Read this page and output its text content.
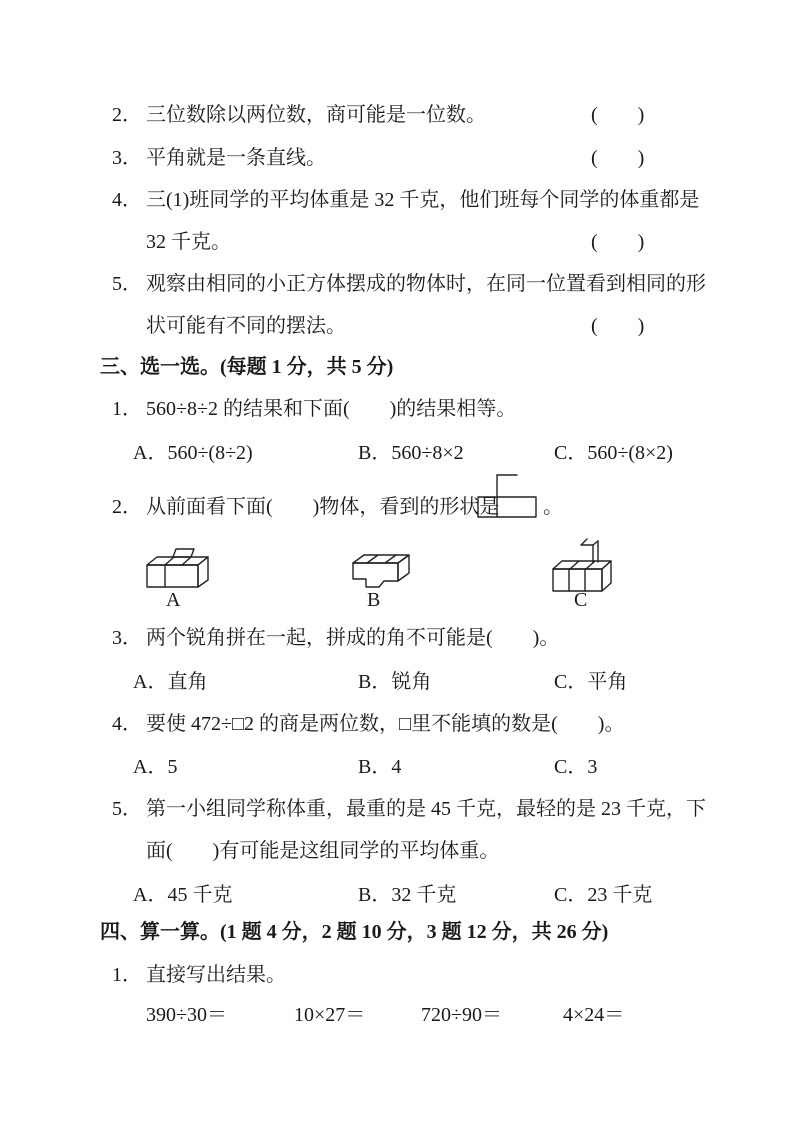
2． 三位数除以两位数，商可能是一位数。	(　　)
3． 平角就是一条直线。	(　　)
4． 三(1)班同学的平均体重是 32 千克，他们班每个同学的体重都是
32 千克。	(　　)
5． 观察由相同的小正方体摆成的物体时，在同一位置看到相同的形
状可能有不同的摆法。	(　　)
三、选一选。(每题 1 分，共 5 分)
1． 560÷8÷2 的结果和下面(　　)的结果相等。
A．560÷(8÷2)	B．560÷8×2	C．560÷(8×2)
2． 从前面看下面(　　)物体，看到的形状是 。
A	B	C
3． 两个锐角拼在一起，拼成的角不可能是(　　)。
A．直角	B．锐角	C．平角
4． 要使 472÷□2 的商是两位数，□里不能填的数是(　　)。
A．5	B．4	C．3
5． 第一小组同学称体重，最重的是 45 千克，最轻的是 23 千克，下
面(　　)有可能是这组同学的平均体重。
A．45 千克	B．32 千克	C．23 千克
四、算一算。(1 题 4 分，2 题 10 分，3 题 12 分，共 26 分)
1． 直接写出结果。
390÷30＝	10×27＝	720÷90＝	4×24＝
